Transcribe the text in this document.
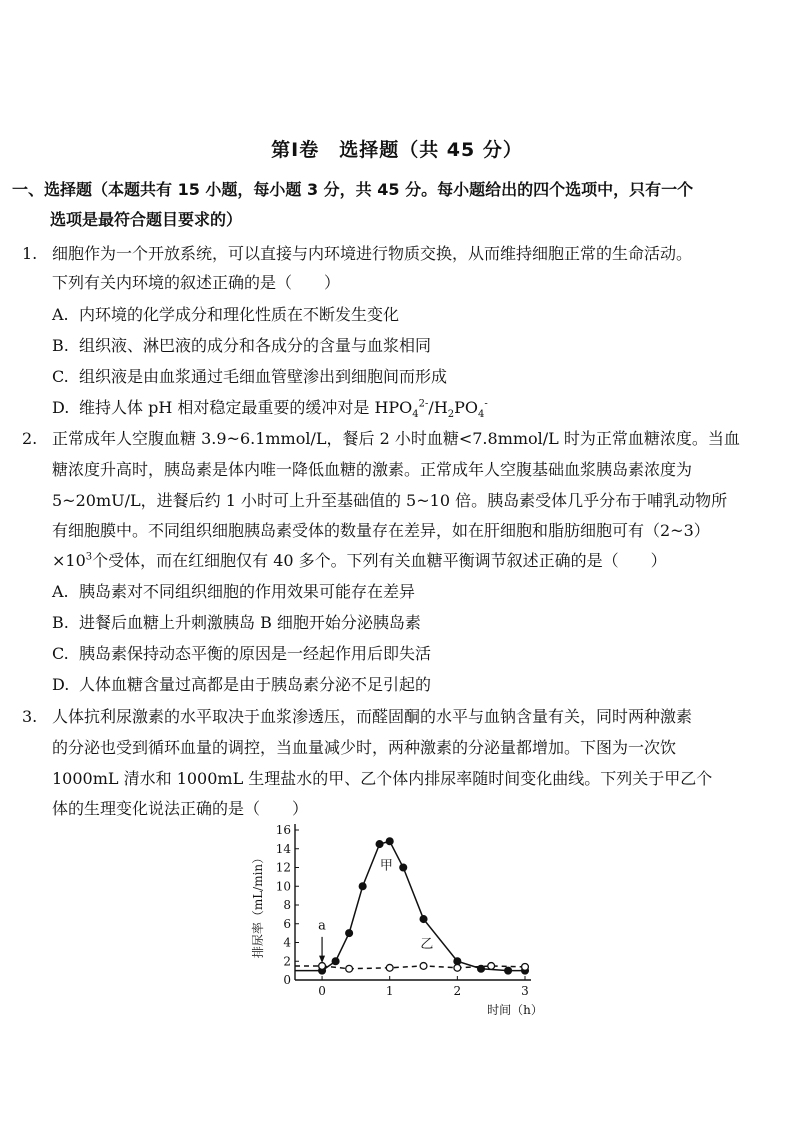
第Ⅰ卷　选择题（共 45 分）
一、选择题（本题共有 15 小题，每小题 3 分，共 45 分。每小题给出的四个选项中，只有一个
选项是最符合题目要求的）
1. 细胞作为一个开放系统，可以直接与内环境进行物质交换，从而维持细胞正常的生命活动。
下列有关内环境的叙述正确的是（　　）
A. 内环境的化学成分和理化性质在不断发生变化
B. 组织液、淋巴液的成分和各成分的含量与血浆相同
C. 组织液是由血浆通过毛细血管壁渗出到细胞间而形成
D. 维持人体 pH 相对稳定最重要的缓冲对是 $HPO_4^{2-}/H_2PO_4^-$
2. 正常成年人空腹血糖 3.9~6.1mmol/L，餐后 2 小时血糖<7.8mmol/L 时为正常血糖浓度。当血
糖浓度升高时，胰岛素是体内唯一降低血糖的激素。正常成年人空腹基础血浆胰岛素浓度为
5~20mU/L，进餐后约 1 小时可上升至基础值的 5~10 倍。胰岛素受体几乎分布于哺乳动物所
有细胞膜中。不同组织细胞胰岛素受体的数量存在差异，如在肝细胞和脂肪细胞可有（2~3）
$\times 10^3$个受体，而在红细胞仅有 40 多个。下列有关血糖平衡调节叙述正确的是（　　）
A. 胰岛素对不同组织细胞的作用效果可能存在差异
B. 进餐后血糖上升刺激胰岛 B 细胞开始分泌胰岛素
C. 胰岛素保持动态平衡的原因是一经起作用后即失活
D. 人体血糖含量过高都是由于胰岛素分泌不足引起的
3. 人体抗利尿激素的水平取决于血浆渗透压，而醛固酮的水平与血钠含量有关，同时两种激素
的分泌也受到循环血量的调控，当血量减少时，两种激素的分泌量都增加。下图为一次饮
1000mL 清水和 1000mL 生理盐水的甲、乙个体内排尿率随时间变化曲线。下列关于甲乙个
体的生理变化说法正确的是（　　）
0
2
4
6
8
10
12
14
16
0	1	2	3
排尿率（mL/min）
时间（h）
甲
乙
a
